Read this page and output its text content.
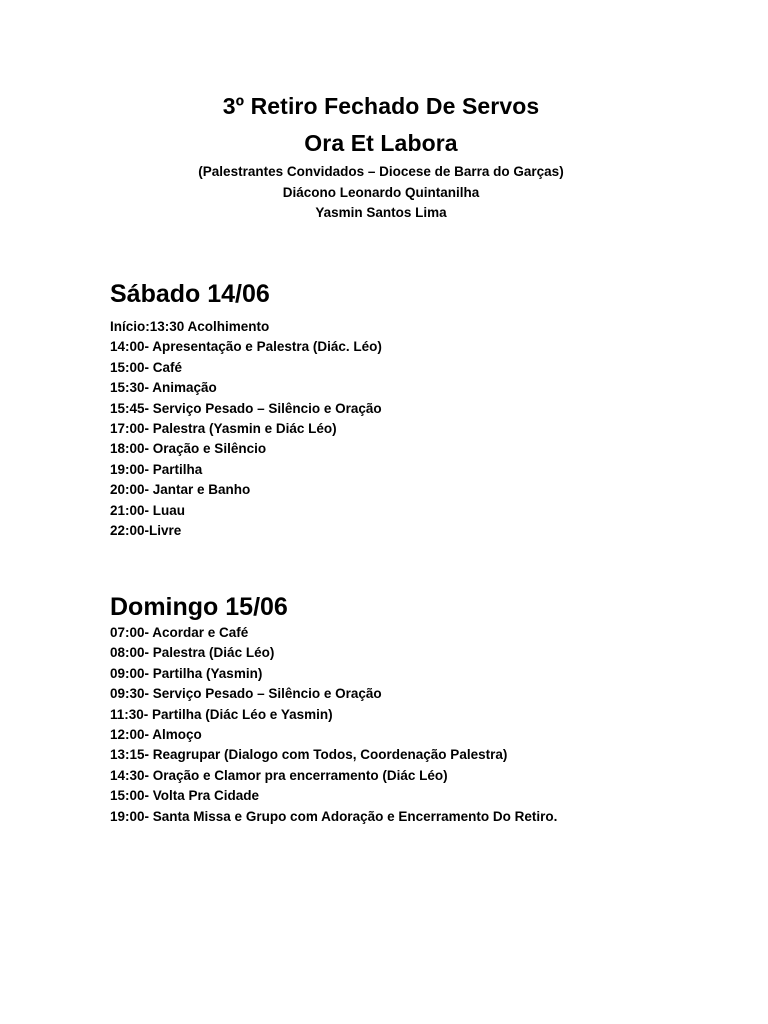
3º Retiro Fechado De Servos
Ora Et Labora
(Palestrantes Convidados – Diocese de Barra do Garças)
Diácono Leonardo Quintanilha
Yasmin Santos Lima
Sábado 14/06
Início:13:30 Acolhimento
14:00- Apresentação e Palestra (Diác. Léo)
15:00- Café
15:30- Animação
15:45- Serviço Pesado – Silêncio e Oração
17:00- Palestra (Yasmin e Diác Léo)
18:00- Oração e Silêncio
19:00- Partilha
20:00- Jantar e Banho
21:00- Luau
22:00-Livre
Domingo 15/06
07:00- Acordar e Café
08:00- Palestra (Diác Léo)
09:00- Partilha (Yasmin)
09:30- Serviço Pesado – Silêncio e Oração
11:30- Partilha (Diác Léo e Yasmin)
12:00- Almoço
13:15- Reagrupar (Dialogo com Todos, Coordenação Palestra)
14:30- Oração e Clamor pra encerramento (Diác Léo)
15:00- Volta Pra Cidade
19:00- Santa Missa e Grupo com Adoração e Encerramento Do Retiro.
